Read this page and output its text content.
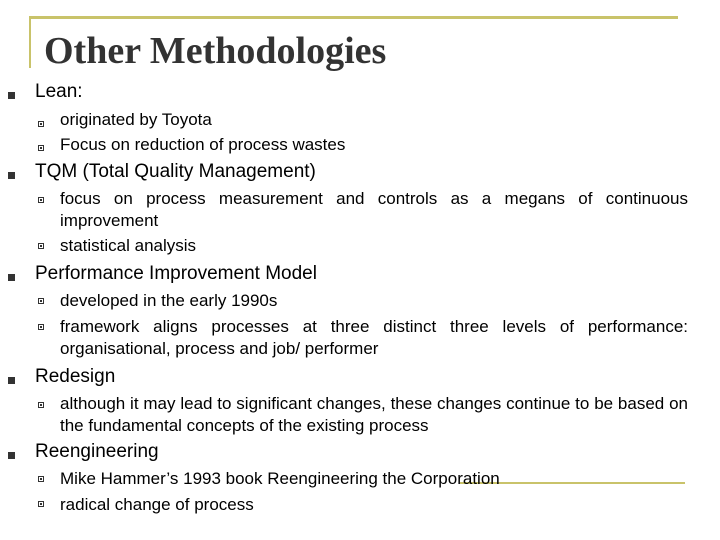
Other Methodologies
Lean:
originated by Toyota
Focus on reduction of process wastes
TQM (Total Quality Management)
focus on process measurement and controls as a megans of continuous improvement
statistical analysis
Performance Improvement Model
developed in the early 1990s
framework aligns processes at three distinct three levels of performance: organisational, process and job/ performer
Redesign
although it may lead to significant changes, these changes continue to be based on the fundamental concepts of the existing process
Reengineering
Mike Hammer’s 1993 book Reengineering the Corporation
radical change of process
